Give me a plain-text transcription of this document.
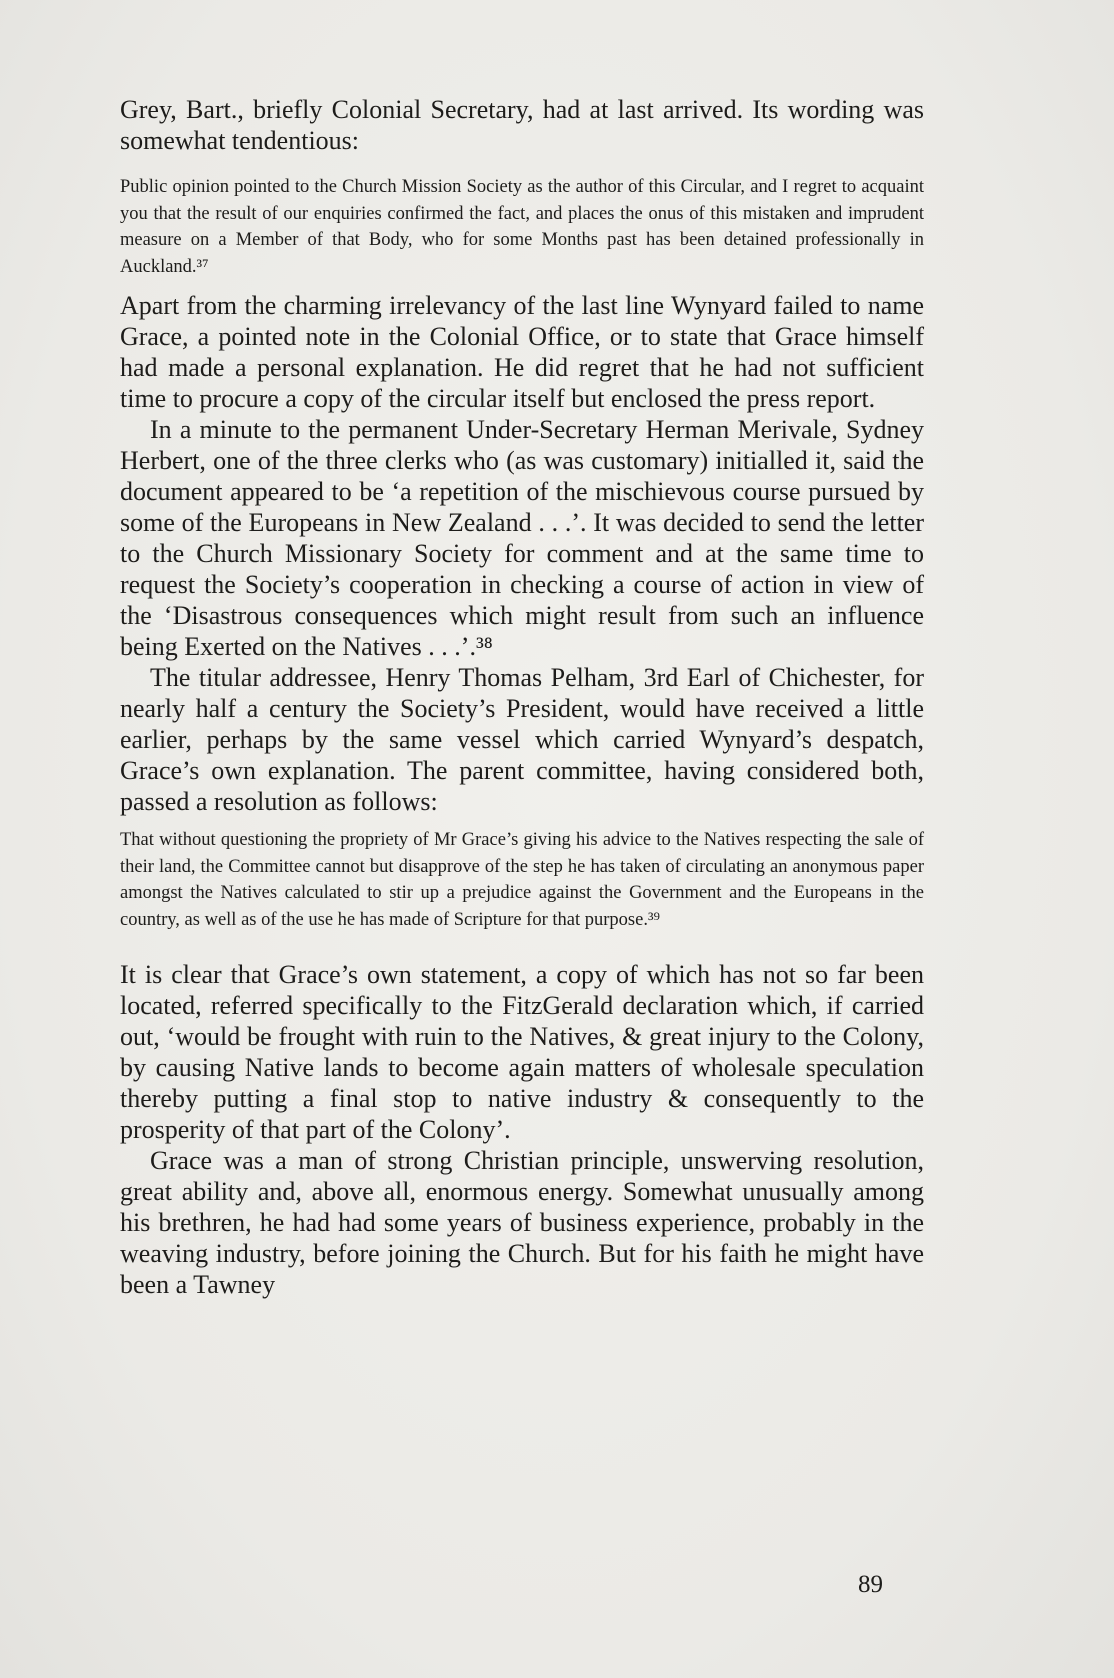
Grey, Bart., briefly Colonial Secretary, had at last arrived. Its wording was somewhat tendentious:

Public opinion pointed to the Church Mission Society as the author of this Circular, and I regret to acquaint you that the result of our enquiries confirmed the fact, and places the onus of this mistaken and imprudent measure on a Member of that Body, who for some Months past has been detained professionally in Auckland.³⁷

Apart from the charming irrelevancy of the last line Wynyard failed to name Grace, a pointed note in the Colonial Office, or to state that Grace himself had made a personal explanation. He did regret that he had not sufficient time to procure a copy of the circular itself but enclosed the press report.

In a minute to the permanent Under-Secretary Herman Merivale, Sydney Herbert, one of the three clerks who (as was customary) initialled it, said the document appeared to be ‘a repetition of the mischievous course pursued by some of the Europeans in New Zealand . . .’. It was decided to send the letter to the Church Missionary Society for comment and at the same time to request the Society’s cooperation in checking a course of action in view of the ‘Disastrous consequences which might result from such an influence being Exerted on the Natives . . .’.³⁸

The titular addressee, Henry Thomas Pelham, 3rd Earl of Chichester, for nearly half a century the Society’s President, would have received a little earlier, perhaps by the same vessel which carried Wynyard’s despatch, Grace’s own explanation. The parent committee, having considered both, passed a resolution as follows:

That without questioning the propriety of Mr Grace’s giving his advice to the Natives respecting the sale of their land, the Committee cannot but disapprove of the step he has taken of circulating an anonymous paper amongst the Natives calculated to stir up a prejudice against the Government and the Europeans in the country, as well as of the use he has made of Scripture for that purpose.³⁹

It is clear that Grace’s own statement, a copy of which has not so far been located, referred specifically to the FitzGerald declaration which, if carried out, ‘would be frought with ruin to the Natives, & great injury to the Colony, by causing Native lands to become again matters of wholesale speculation thereby putting a final stop to native industry & consequently to the prosperity of that part of the Colony’.

Grace was a man of strong Christian principle, unswerving resolution, great ability and, above all, enormous energy. Somewhat unusually among his brethren, he had had some years of business experience, probably in the weaving industry, before joining the Church. But for his faith he might have been a Tawney

89
